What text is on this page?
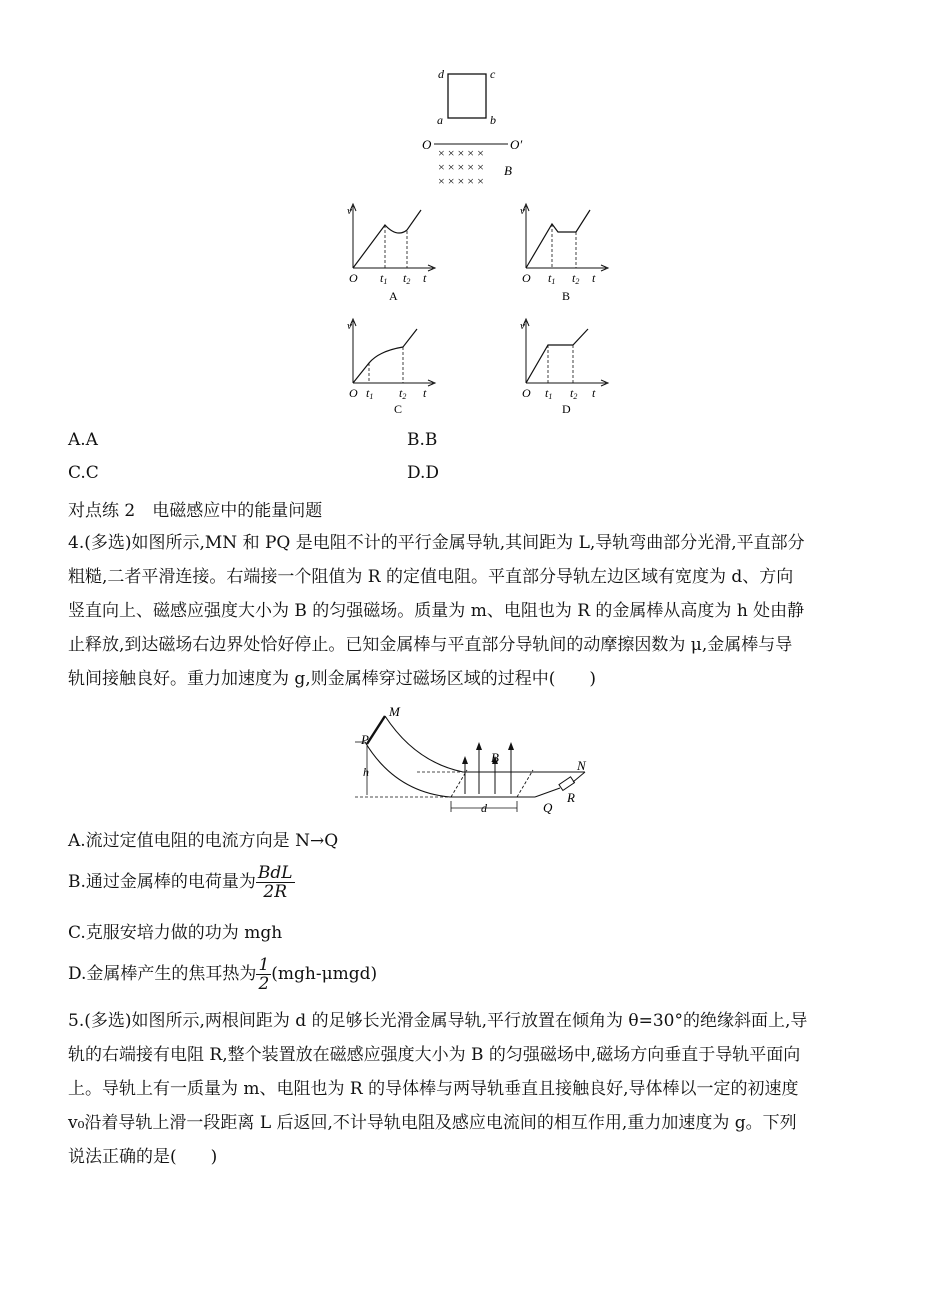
d	c
a	b
O	O′
× × × × ×
× × × × ×
× × × × ×
B
v
O t1 t2 t
A
v
O t1 t2 t
B
v
O t1 t2 t
C
v
O t1 t2 t
D
A.A	B.B
C.C	D.D
对点练 2　电磁感应中的能量问题
4.(多选)如图所示,MN 和 PQ 是电阻不计的平行金属导轨,其间距为 L,导轨弯曲部分光滑,平直部分
粗糙,二者平滑连接。右端接一个阻值为 R 的定值电阻。平直部分导轨左边区域有宽度为 d、方向
竖直向上、磁感应强度大小为 B 的匀强磁场。质量为 m、电阻也为 R 的金属棒从高度为 h 处由静
止释放,到达磁场右边界处恰好停止。已知金属棒与平直部分导轨间的动摩擦因数为 μ,金属棒与导
轨间接触良好。重力加速度为 g,则金属棒穿过磁场区域的过程中(　　)
M
P
h
B
N
d	Q
R
A.流过定值电阻的电流方向是 N→Q
B.通过金属棒的电荷量为 $\frac{\text{BdL}}{2R}$
C.克服安培力做的功为 mgh
D.金属棒产生的焦耳热为 $\frac{1}{2} (mgh-\mu mgd)$
5.(多选)如图所示,两根间距为 d 的足够长光滑金属导轨,平行放置在倾角为 θ=30°的绝缘斜面上,导
轨的右端接有电阻 R,整个装置放在磁感应强度大小为 B 的匀强磁场中,磁场方向垂直于导轨平面向
上。导轨上有一质量为 m、电阻也为 R 的导体棒与两导轨垂直且接触良好,导体棒以一定的初速度
v₀沿着导轨上滑一段距离 L 后返回,不计导轨电阻及感应电流间的相互作用,重力加速度为 g。下列
说法正确的是(　　)
